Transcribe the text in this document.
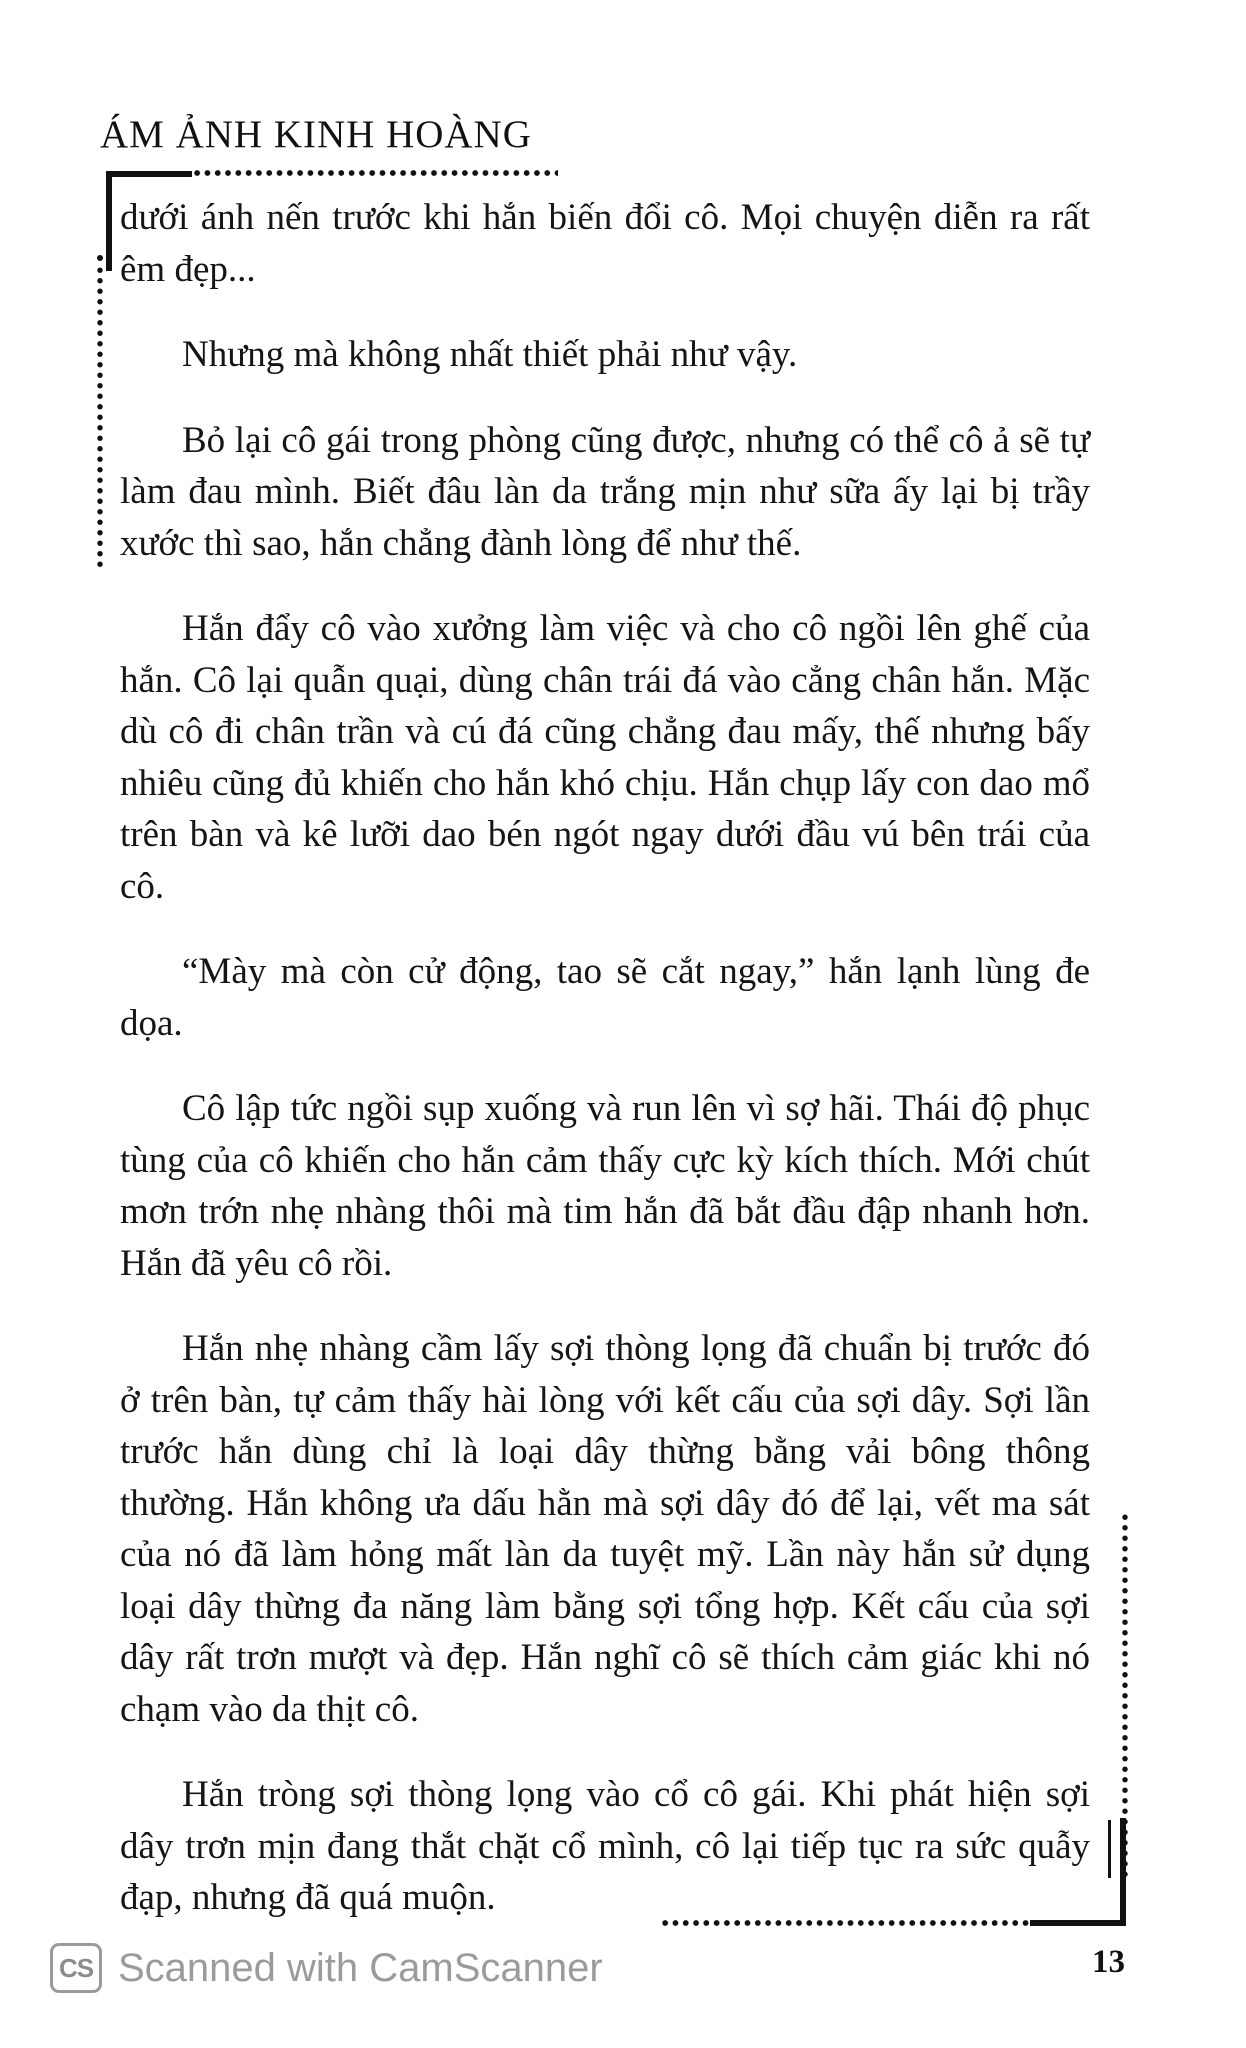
ÁM ẢNH KINH HOÀNG

dưới ánh nến trước khi hắn biến đổi cô. Mọi chuyện diễn ra rất êm đẹp...

Nhưng mà không nhất thiết phải như vậy.

Bỏ lại cô gái trong phòng cũng được, nhưng có thể cô ả sẽ tự làm đau mình. Biết đâu làn da trắng mịn như sữa ấy lại bị trầy xước thì sao, hắn chẳng đành lòng để như thế.

Hắn đẩy cô vào xưởng làm việc và cho cô ngồi lên ghế của hắn. Cô lại quẫn quại, dùng chân trái đá vào cẳng chân hắn. Mặc dù cô đi chân trần và cú đá cũng chẳng đau mấy, thế nhưng bấy nhiêu cũng đủ khiến cho hắn khó chịu. Hắn chụp lấy con dao mổ trên bàn và kê lưỡi dao bén ngót ngay dưới đầu vú bên trái của cô.

“Mày mà còn cử động, tao sẽ cắt ngay,” hắn lạnh lùng đe dọa.

Cô lập tức ngồi sụp xuống và run lên vì sợ hãi. Thái độ phục tùng của cô khiến cho hắn cảm thấy cực kỳ kích thích. Mới chút mơn trớn nhẹ nhàng thôi mà tim hắn đã bắt đầu đập nhanh hơn. Hắn đã yêu cô rồi.

Hắn nhẹ nhàng cầm lấy sợi thòng lọng đã chuẩn bị trước đó ở trên bàn, tự cảm thấy hài lòng với kết cấu của sợi dây. Sợi lần trước hắn dùng chỉ là loại dây thừng bằng vải bông thông thường. Hắn không ưa dấu hằn mà sợi dây đó để lại, vết ma sát của nó đã làm hỏng mất làn da tuyệt mỹ. Lần này hắn sử dụng loại dây thừng đa năng làm bằng sợi tổng hợp. Kết cấu của sợi dây rất trơn mượt và đẹp. Hắn nghĩ cô sẽ thích cảm giác khi nó chạm vào da thịt cô.

Hắn tròng sợi thòng lọng vào cổ cô gái. Khi phát hiện sợi dây trơn mịn đang thắt chặt cổ mình, cô lại tiếp tục ra sức quẫy đạp, nhưng đã quá muộn.

CS Scanned with CamScanner	13
